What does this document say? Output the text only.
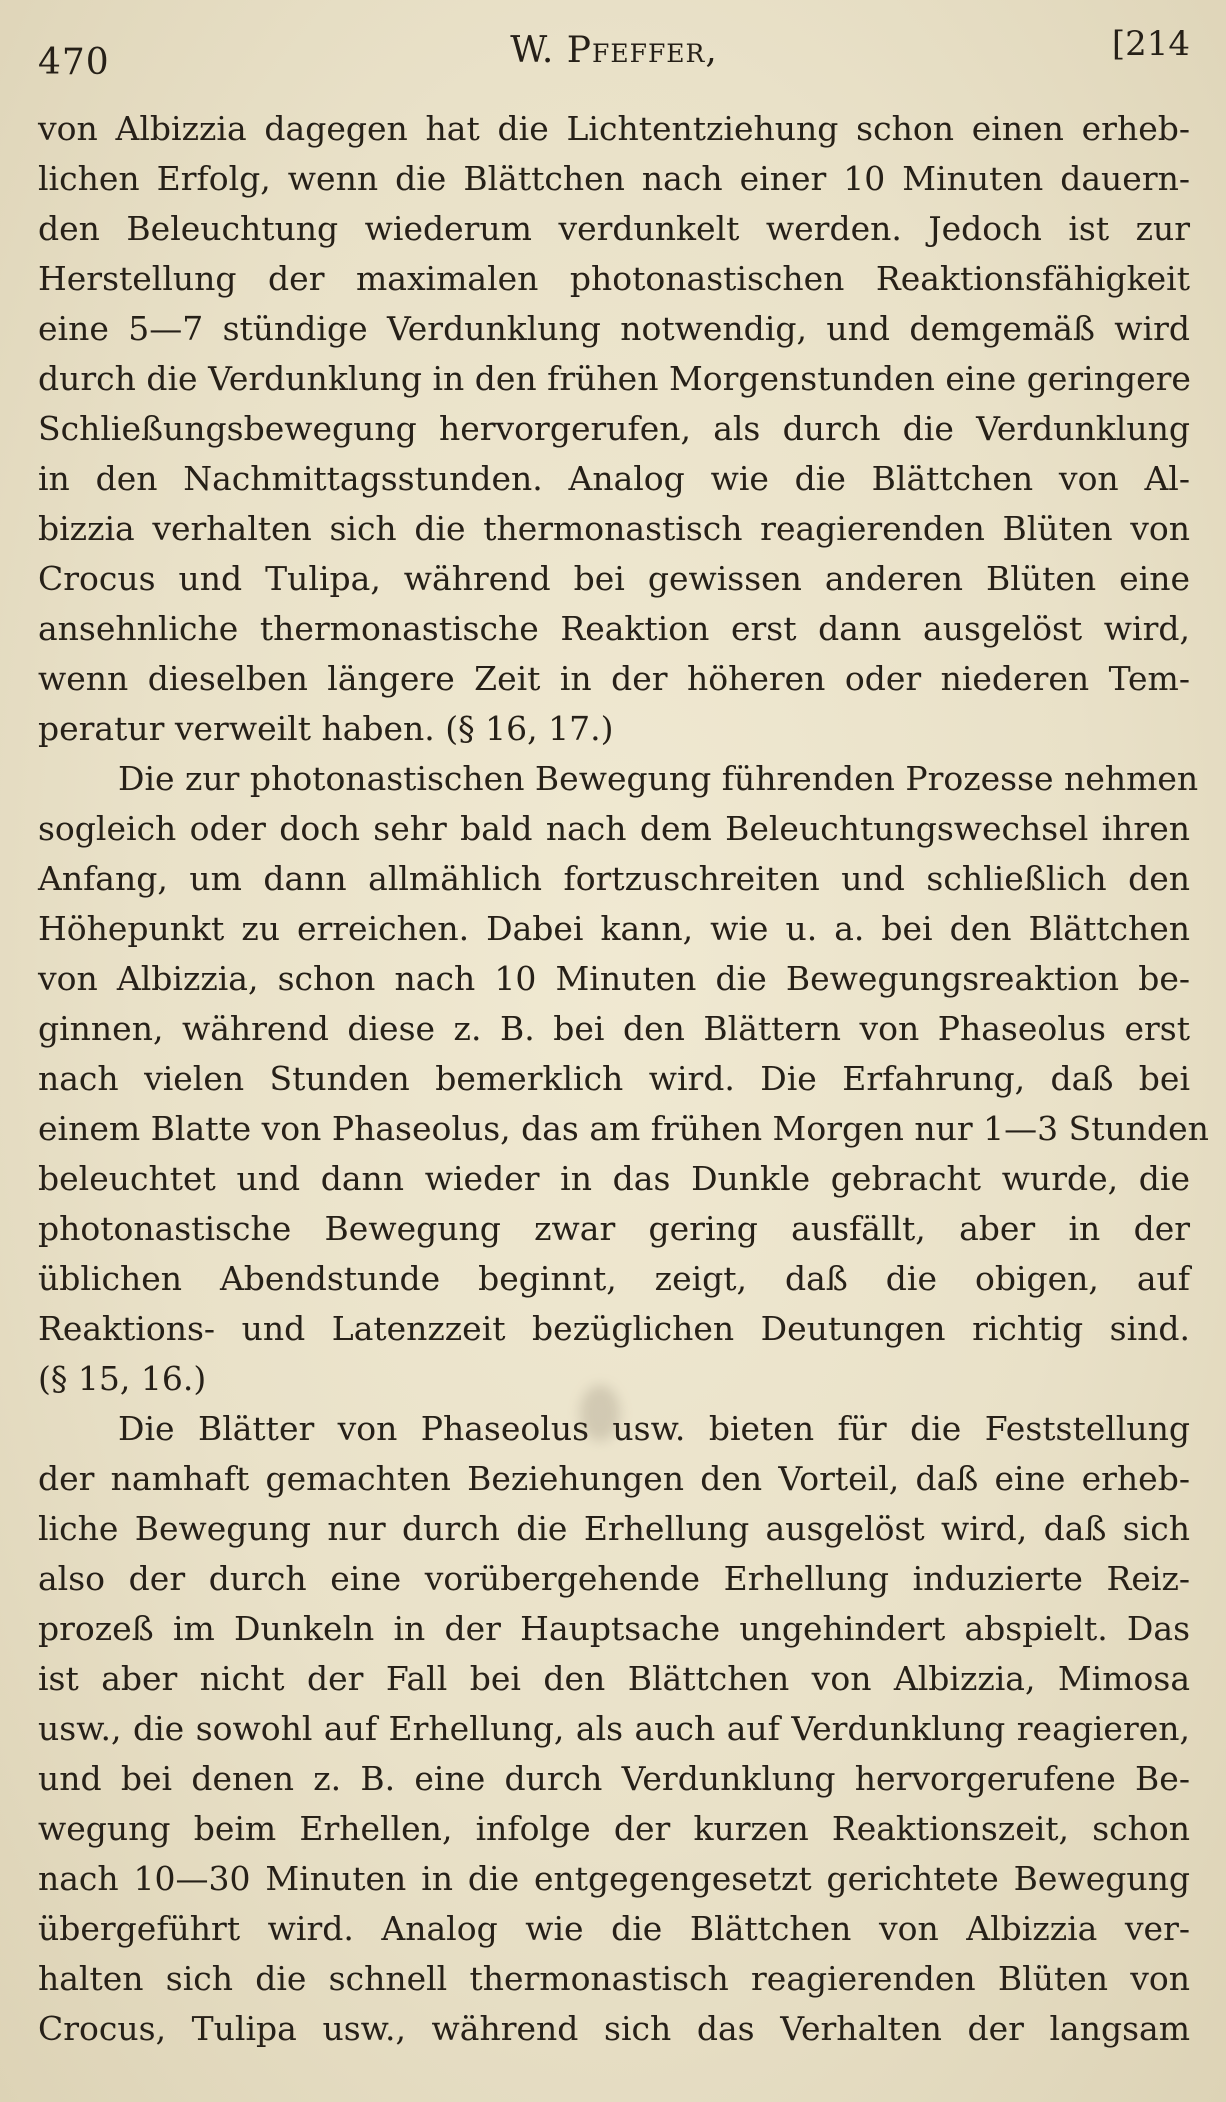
470	W. Pfeffer,	[214
von Albizzia dagegen hat die Lichtentziehung schon einen erheb-
lichen Erfolg, wenn die Blättchen nach einer 10 Minuten dauern-
den Beleuchtung wiederum verdunkelt werden. Jedoch ist zur
Herstellung der maximalen photonastischen Reaktionsfähigkeit
eine 5—7 stündige Verdunklung notwendig, und demgemäß wird
durch die Verdunklung in den frühen Morgenstunden eine geringere
Schließungsbewegung hervorgerufen, als durch die Verdunklung
in den Nachmittagsstunden. Analog wie die Blättchen von Al-
bizzia verhalten sich die thermonastisch reagierenden Blüten von
Crocus und Tulipa, während bei gewissen anderen Blüten eine
ansehnliche thermonastische Reaktion erst dann ausgelöst wird,
wenn dieselben längere Zeit in der höheren oder niederen Tem-
peratur verweilt haben. (§ 16, 17.)
Die zur photonastischen Bewegung führenden Prozesse nehmen
sogleich oder doch sehr bald nach dem Beleuchtungswechsel ihren
Anfang, um dann allmählich fortzuschreiten und schließlich den
Höhepunkt zu erreichen. Dabei kann, wie u. a. bei den Blättchen
von Albizzia, schon nach 10 Minuten die Bewegungsreaktion be-
ginnen, während diese z. B. bei den Blättern von Phaseolus erst
nach vielen Stunden bemerklich wird. Die Erfahrung, daß bei
einem Blatte von Phaseolus, das am frühen Morgen nur 1—3 Stunden
beleuchtet und dann wieder in das Dunkle gebracht wurde, die
photonastische Bewegung zwar gering ausfällt, aber in der
üblichen Abendstunde beginnt, zeigt, daß die obigen, auf
Reaktions- und Latenzzeit bezüglichen Deutungen richtig sind.
(§ 15, 16.)
Die Blätter von Phaseolus usw. bieten für die Feststellung
der namhaft gemachten Beziehungen den Vorteil, daß eine erheb-
liche Bewegung nur durch die Erhellung ausgelöst wird, daß sich
also der durch eine vorübergehende Erhellung induzierte Reiz-
prozeß im Dunkeln in der Hauptsache ungehindert abspielt. Das
ist aber nicht der Fall bei den Blättchen von Albizzia, Mimosa
usw., die sowohl auf Erhellung, als auch auf Verdunklung reagieren,
und bei denen z. B. eine durch Verdunklung hervorgerufene Be-
wegung beim Erhellen, infolge der kurzen Reaktionszeit, schon
nach 10—30 Minuten in die entgegengesetzt gerichtete Bewegung
übergeführt wird. Analog wie die Blättchen von Albizzia ver-
halten sich die schnell thermonastisch reagierenden Blüten von
Crocus, Tulipa usw., während sich das Verhalten der langsam
